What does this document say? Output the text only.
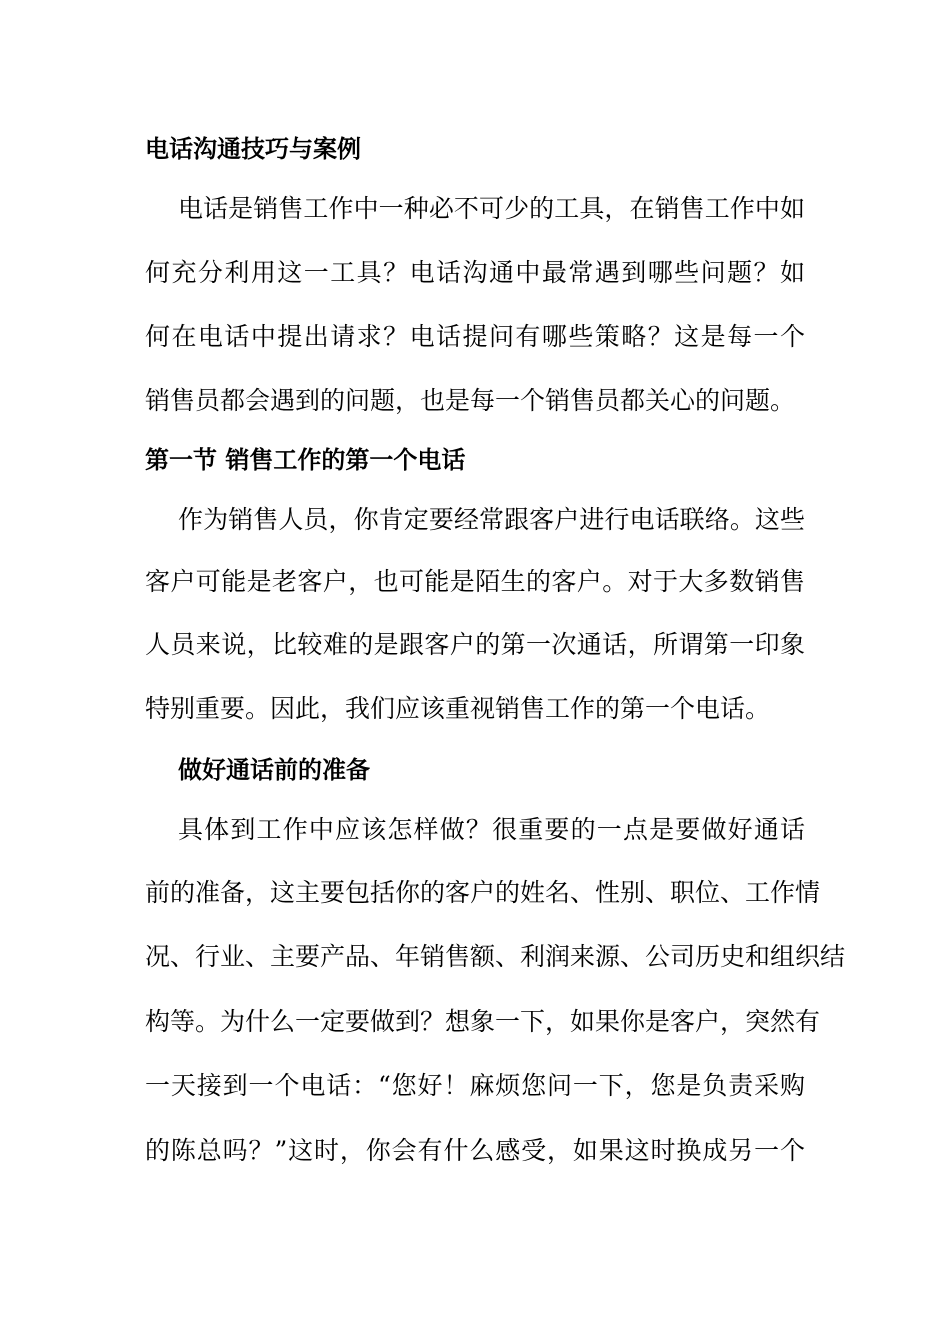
电话沟通技巧与案例
电话是销售工作中一种必不可少的工具，在销售工作中如
何充分利用这一工具？电话沟通中最常遇到哪些问题？如
何在电话中提出请求？电话提问有哪些策略？这是每一个
销售员都会遇到的问题，也是每一个销售员都关心的问题。
第一节 销售工作的第一个电话
作为销售人员，你肯定要经常跟客户进行电话联络。这些
客户可能是老客户，也可能是陌生的客户。对于大多数销售
人员来说，比较难的是跟客户的第一次通话，所谓第一印象
特别重要。因此，我们应该重视销售工作的第一个电话。
做好通话前的准备
具体到工作中应该怎样做？很重要的一点是要做好通话
前的准备，这主要包括你的客户的姓名、性别、职位、工作情
况、行业、主要产品、年销售额、利润来源、公司历史和组织结
构等。为什么一定要做到？想象一下，如果你是客户，突然有
一天接到一个电话：“您好！麻烦您问一下，您是负责采购
的陈总吗？”这时，你会有什么感受，如果这时换成另一个
